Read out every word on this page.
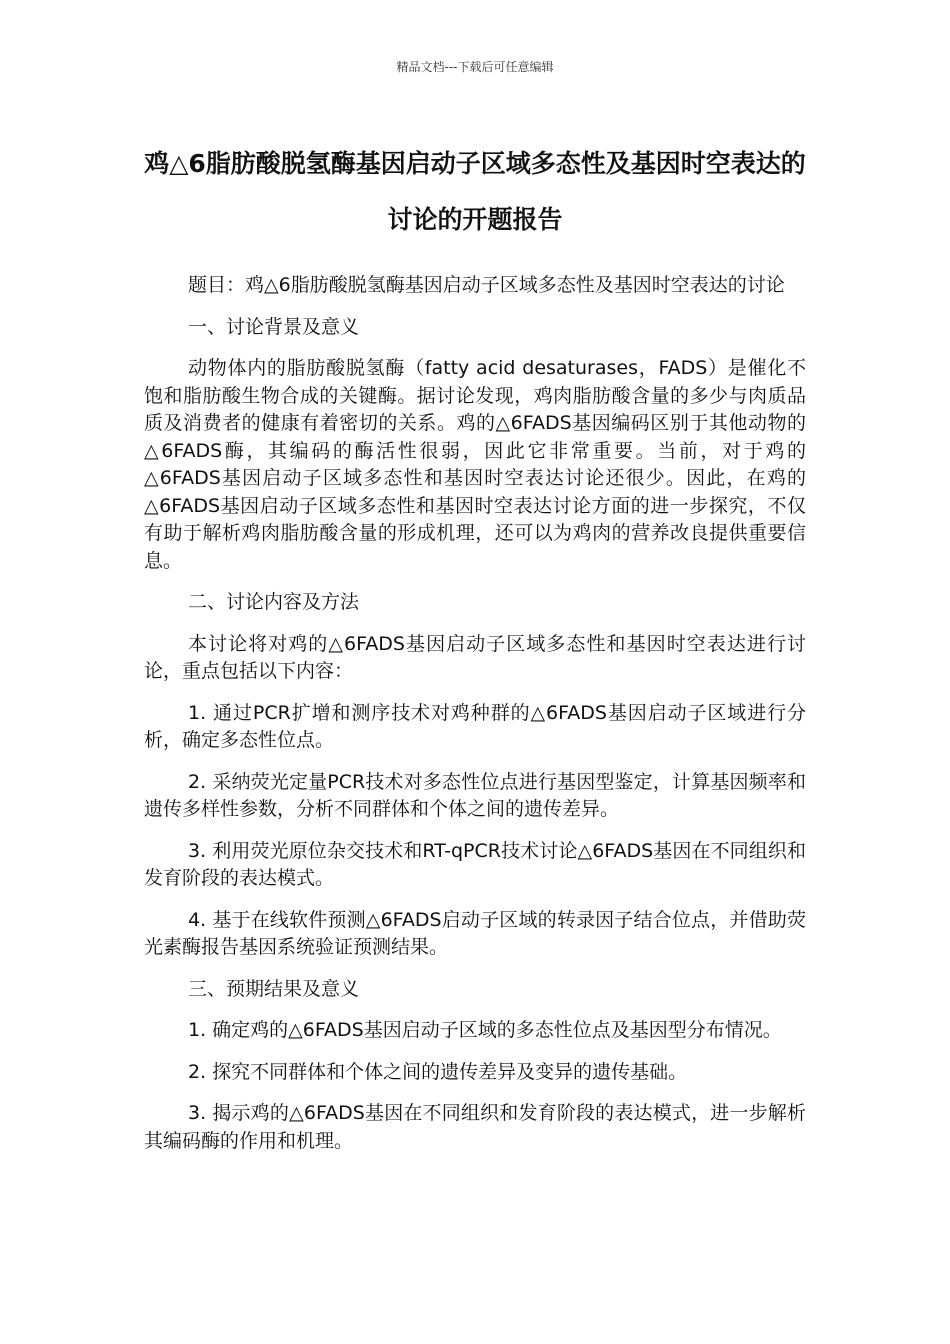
精品文档---下载后可任意编辑
鸡△6脂肪酸脱氢酶基因启动子区域多态性及基因时空表达的讨论的开题报告

题目：鸡△6脂肪酸脱氢酶基因启动子区域多态性及基因时空表达的讨论

一、讨论背景及意义

动物体内的脂肪酸脱氢酶（fatty acid desaturases，FADS）是催化不饱和脂肪酸生物合成的关键酶。据讨论发现，鸡肉脂肪酸含量的多少与肉质品质及消费者的健康有着密切的关系。鸡的△6FADS基因编码区别于其他动物的△6FADS酶，其编码的酶活性很弱，因此它非常重要。当前，对于鸡的△6FADS基因启动子区域多态性和基因时空表达讨论还很少。因此，在鸡的△6FADS基因启动子区域多态性和基因时空表达讨论方面的进一步探究，不仅有助于解析鸡肉脂肪酸含量的形成机理，还可以为鸡肉的营养改良提供重要信息。

二、讨论内容及方法

本讨论将对鸡的△6FADS基因启动子区域多态性和基因时空表达进行讨论，重点包括以下内容：

1. 通过PCR扩增和测序技术对鸡种群的△6FADS基因启动子区域进行分析，确定多态性位点。

2. 采纳荧光定量PCR技术对多态性位点进行基因型鉴定，计算基因频率和遗传多样性参数，分析不同群体和个体之间的遗传差异。

3. 利用荧光原位杂交技术和RT-qPCR技术讨论△6FADS基因在不同组织和发育阶段的表达模式。

4. 基于在线软件预测△6FADS启动子区域的转录因子结合位点，并借助荧光素酶报告基因系统验证预测结果。

三、预期结果及意义

1. 确定鸡的△6FADS基因启动子区域的多态性位点及基因型分布情况。

2. 探究不同群体和个体之间的遗传差异及变异的遗传基础。

3. 揭示鸡的△6FADS基因在不同组织和发育阶段的表达模式，进一步解析其编码酶的作用和机理。
